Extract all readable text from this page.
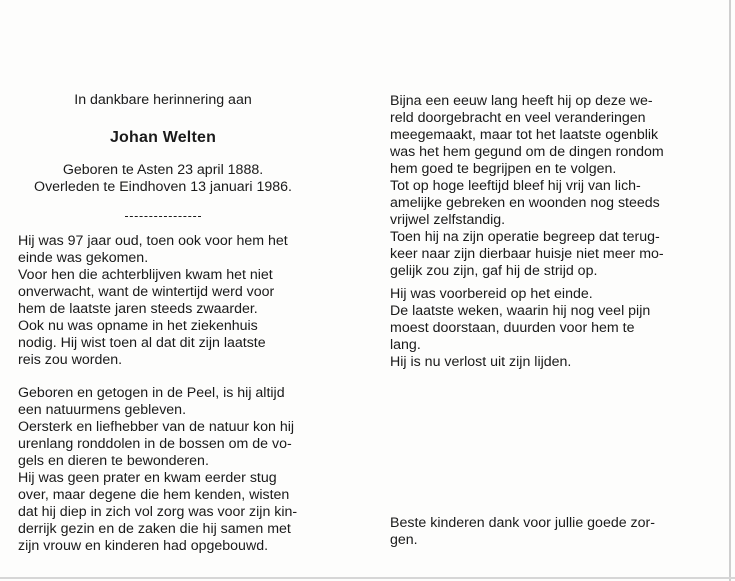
In dankbare herinnering aan
Johan Welten
Geboren te Asten 23 april 1888.
Overleden te Eindhoven 13 januari 1986.

Hij was 97 jaar oud, toen ook voor hem het
einde was gekomen.
Voor hen die achterblijven kwam het niet
onverwacht, want de wintertijd werd voor
hem de laatste jaren steeds zwaarder.
Ook nu was opname in het ziekenhuis
nodig. Hij wist toen al dat dit zijn laatste
reis zou worden.

Geboren en getogen in de Peel, is hij altijd
een natuurmens gebleven.
Oersterk en liefhebber van de natuur kon hij
urenlang ronddolen in de bossen om de vo-
gels en dieren te bewonderen.
Hij was geen prater en kwam eerder stug
over, maar degene die hem kenden, wisten
dat hij diep in zich vol zorg was voor zijn kin-
derrijk gezin en de zaken die hij samen met
zijn vrouw en kinderen had opgebouwd.

Bijna een eeuw lang heeft hij op deze we-
reld doorgebracht en veel veranderingen
meegemaakt, maar tot het laatste ogenblik
was het hem gegund om de dingen rondom
hem goed te begrijpen en te volgen.
Tot op hoge leeftijd bleef hij vrij van lich-
amelijke gebreken en woonden nog steeds
vrijwel zelfstandig.
Toen hij na zijn operatie begreep dat terug-
keer naar zijn dierbaar huisje niet meer mo-
gelijk zou zijn, gaf hij de strijd op.

Hij was voorbereid op het einde.
De laatste weken, waarin hij nog veel pijn
moest doorstaan, duurden voor hem te
lang.
Hij is nu verlost uit zijn lijden.

Beste kinderen dank voor jullie goede zor-
gen.
